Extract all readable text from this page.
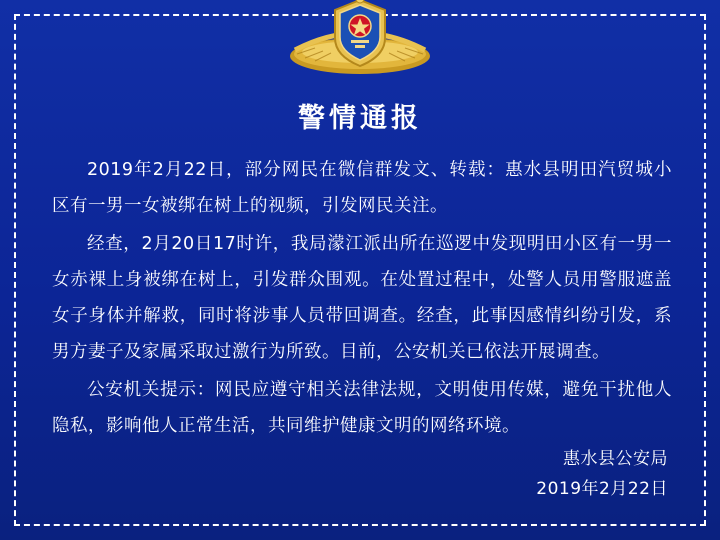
警情通报

2019年2月22日，部分网民在微信群发文、转载：惠水县明田汽贸城小区有一男一女被绑在树上的视频，引发网民关注。

经查，2月20日17时许，我局濛江派出所在巡逻中发现明田小区有一男一女赤裸上身被绑在树上，引发群众围观。在处置过程中，处警人员用警服遮盖女子身体并解救，同时将涉事人员带回调查。经查，此事因感情纠纷引发，系男方妻子及家属采取过激行为所致。目前，公安机关已依法开展调查。

公安机关提示：网民应遵守相关法律法规，文明使用传媒，避免干扰他人隐私，影响他人正常生活，共同维护健康文明的网络环境。

惠水县公安局
2019年2月22日
